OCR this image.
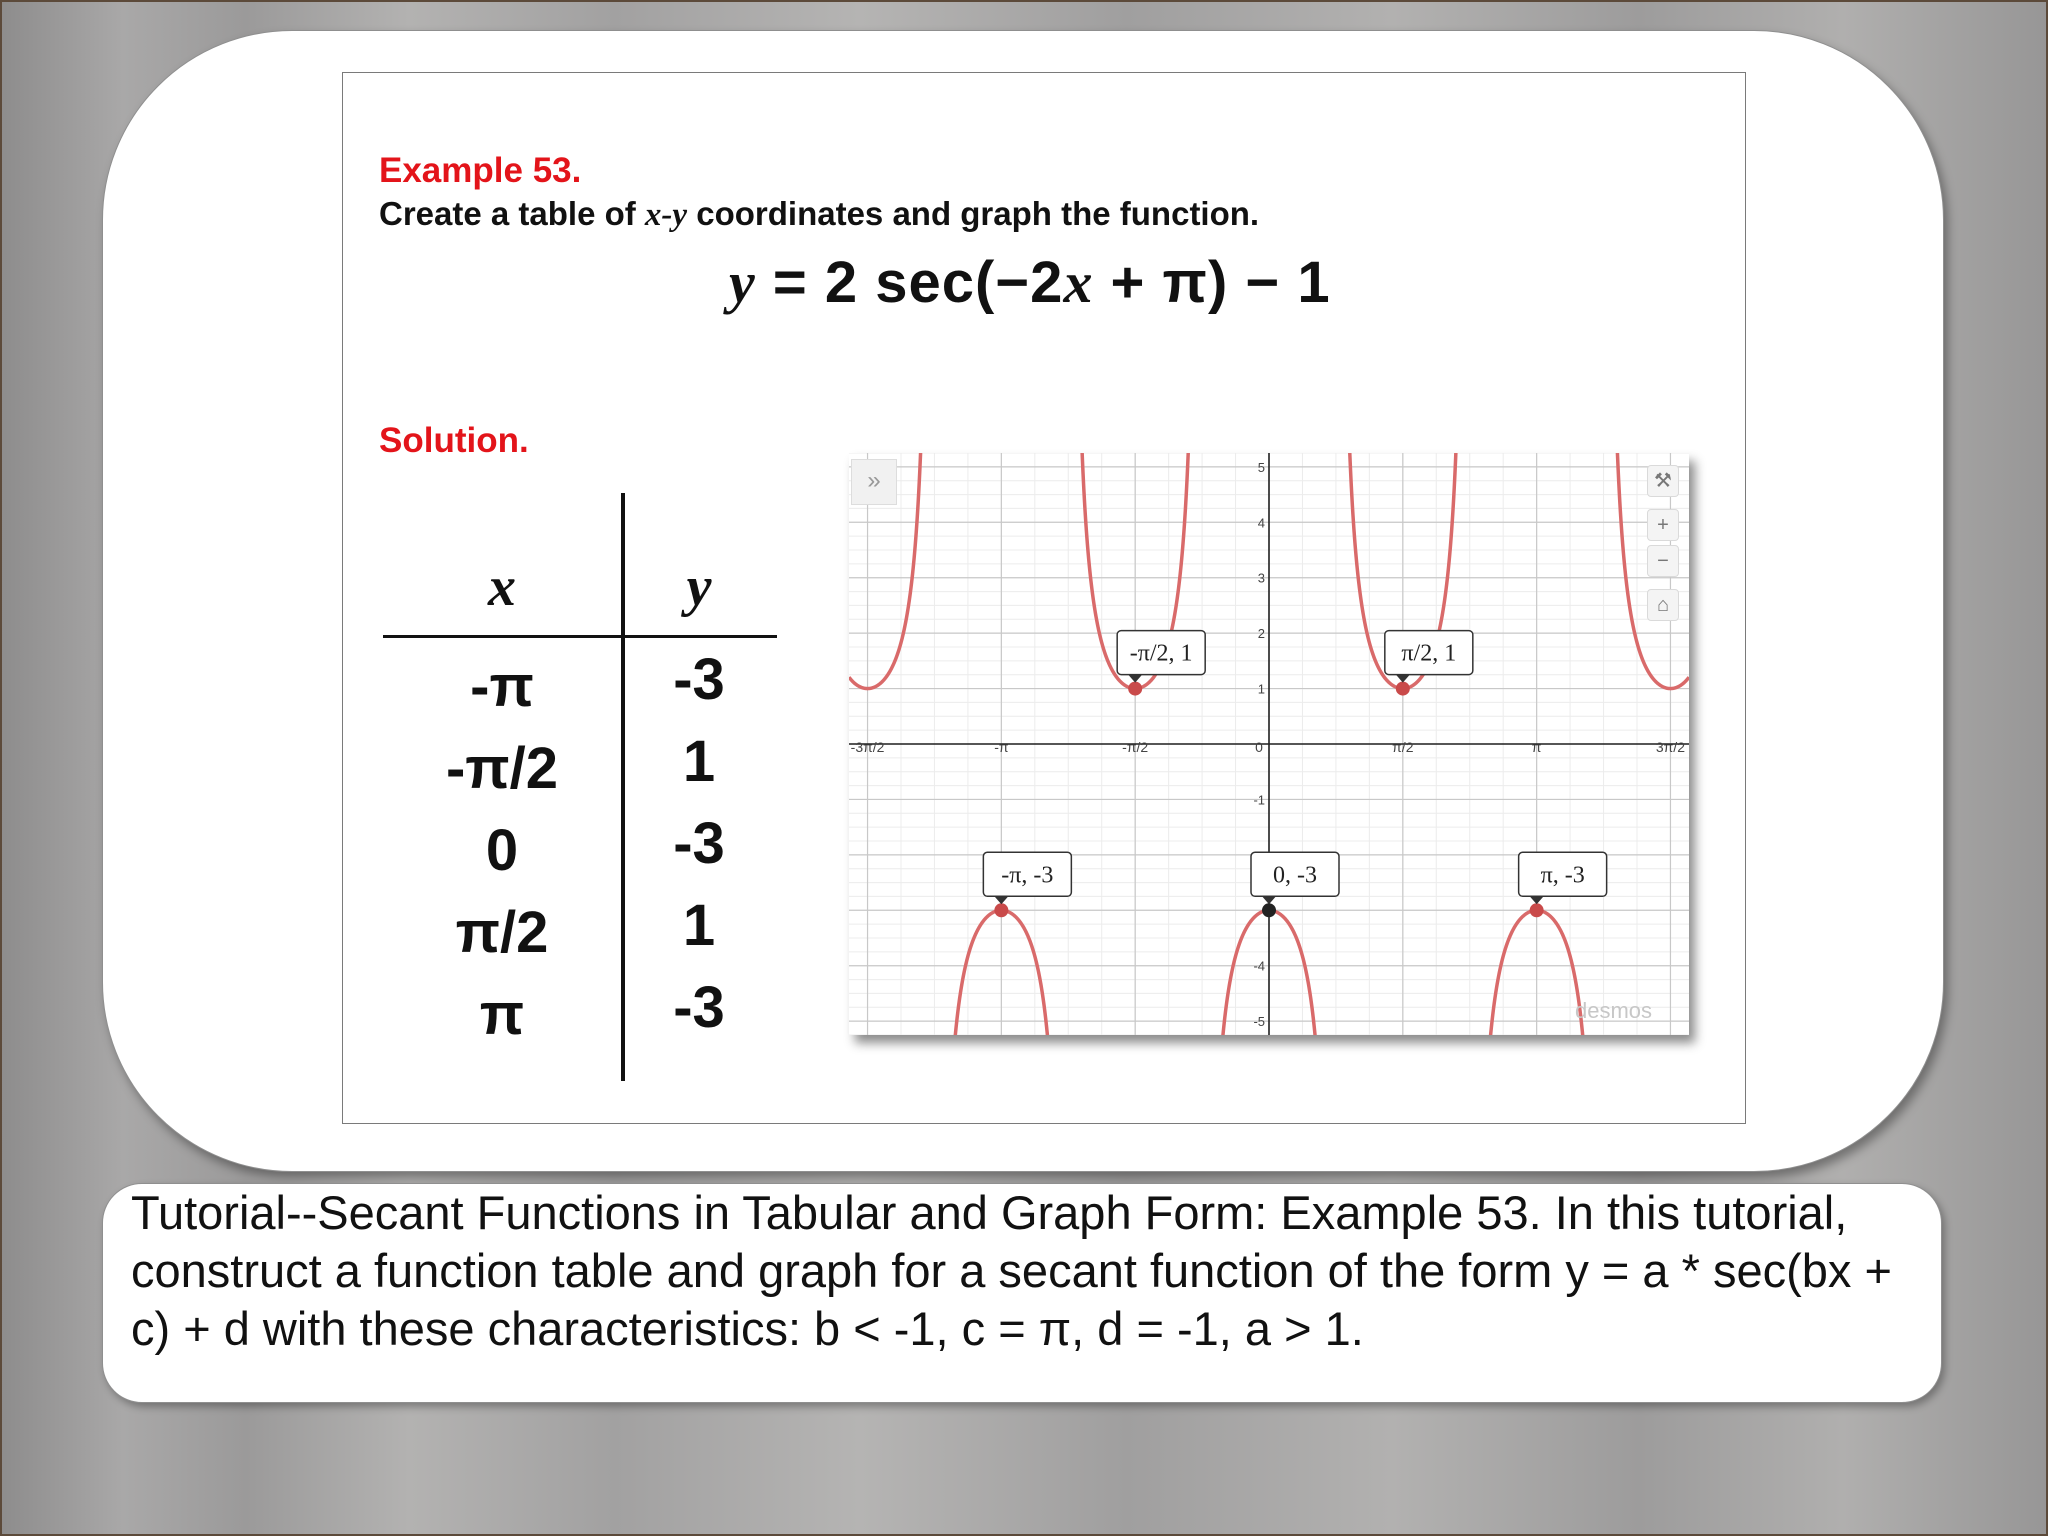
Example 53.
Create a table of x-y coordinates and graph the function.
y = 2 sec(−2x + π) − 1
Solution.
x	y
-π	-3
-π/2	1
0	-3
π/2	1
π	-3
-3π/2	-π	-π/2	0	π/2	π	3π/2
5
4
3
2
1
-1
-4
-5
-π/2, 1	π/2, 1
-π, -3	0, -3	π, -3
»	⚒
+
−
⌂
desmos
Tutorial--Secant Functions in Tabular and Graph Form: Example 53. In this tutorial, construct a function table and graph for a secant function of the form y = a * sec(bx + c) + d with these characteristics: b < -1, c = π, d = -1, a > 1.
